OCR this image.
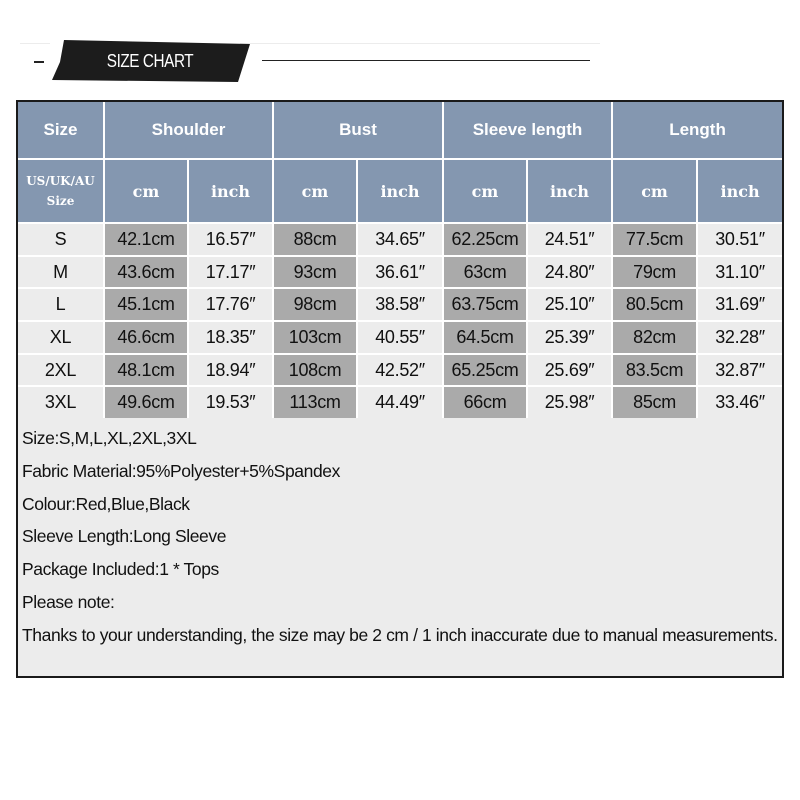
SIZE CHART
Size	Shoulder		Bust		Sleeve length		Length	

US/UK/AU
Size	cm	inch	cm	inch	cm	inch	cm	inch
S	42.1cm	16.57″	88cm	34.65″	62.25cm	24.51″	77.5cm	30.51″
M	43.6cm	17.17″	93cm	36.61″	63cm	24.80″	79cm	31.10″
L	45.1cm	17.76″	98cm	38.58″	63.75cm	25.10″	80.5cm	31.69″
XL	46.6cm	18.35″	103cm	40.55″	64.5cm	25.39″	82cm	32.28″
2XL	48.1cm	18.94″	108cm	42.52″	65.25cm	25.69″	83.5cm	32.87″
3XL	49.6cm	19.53″	113cm	44.49″	66cm	25.98″	85cm	33.46″
Size:S,M,L,XL,2XL,3XL
Fabric Material:95%Polyester+5%Spandex
Colour:Red,Blue,Black
Sleeve Length:Long Sleeve
Package Included:1 * Tops
Please note:
Thanks to your understanding, the size may be 2 cm / 1 inch inaccurate due to manual measurements.
